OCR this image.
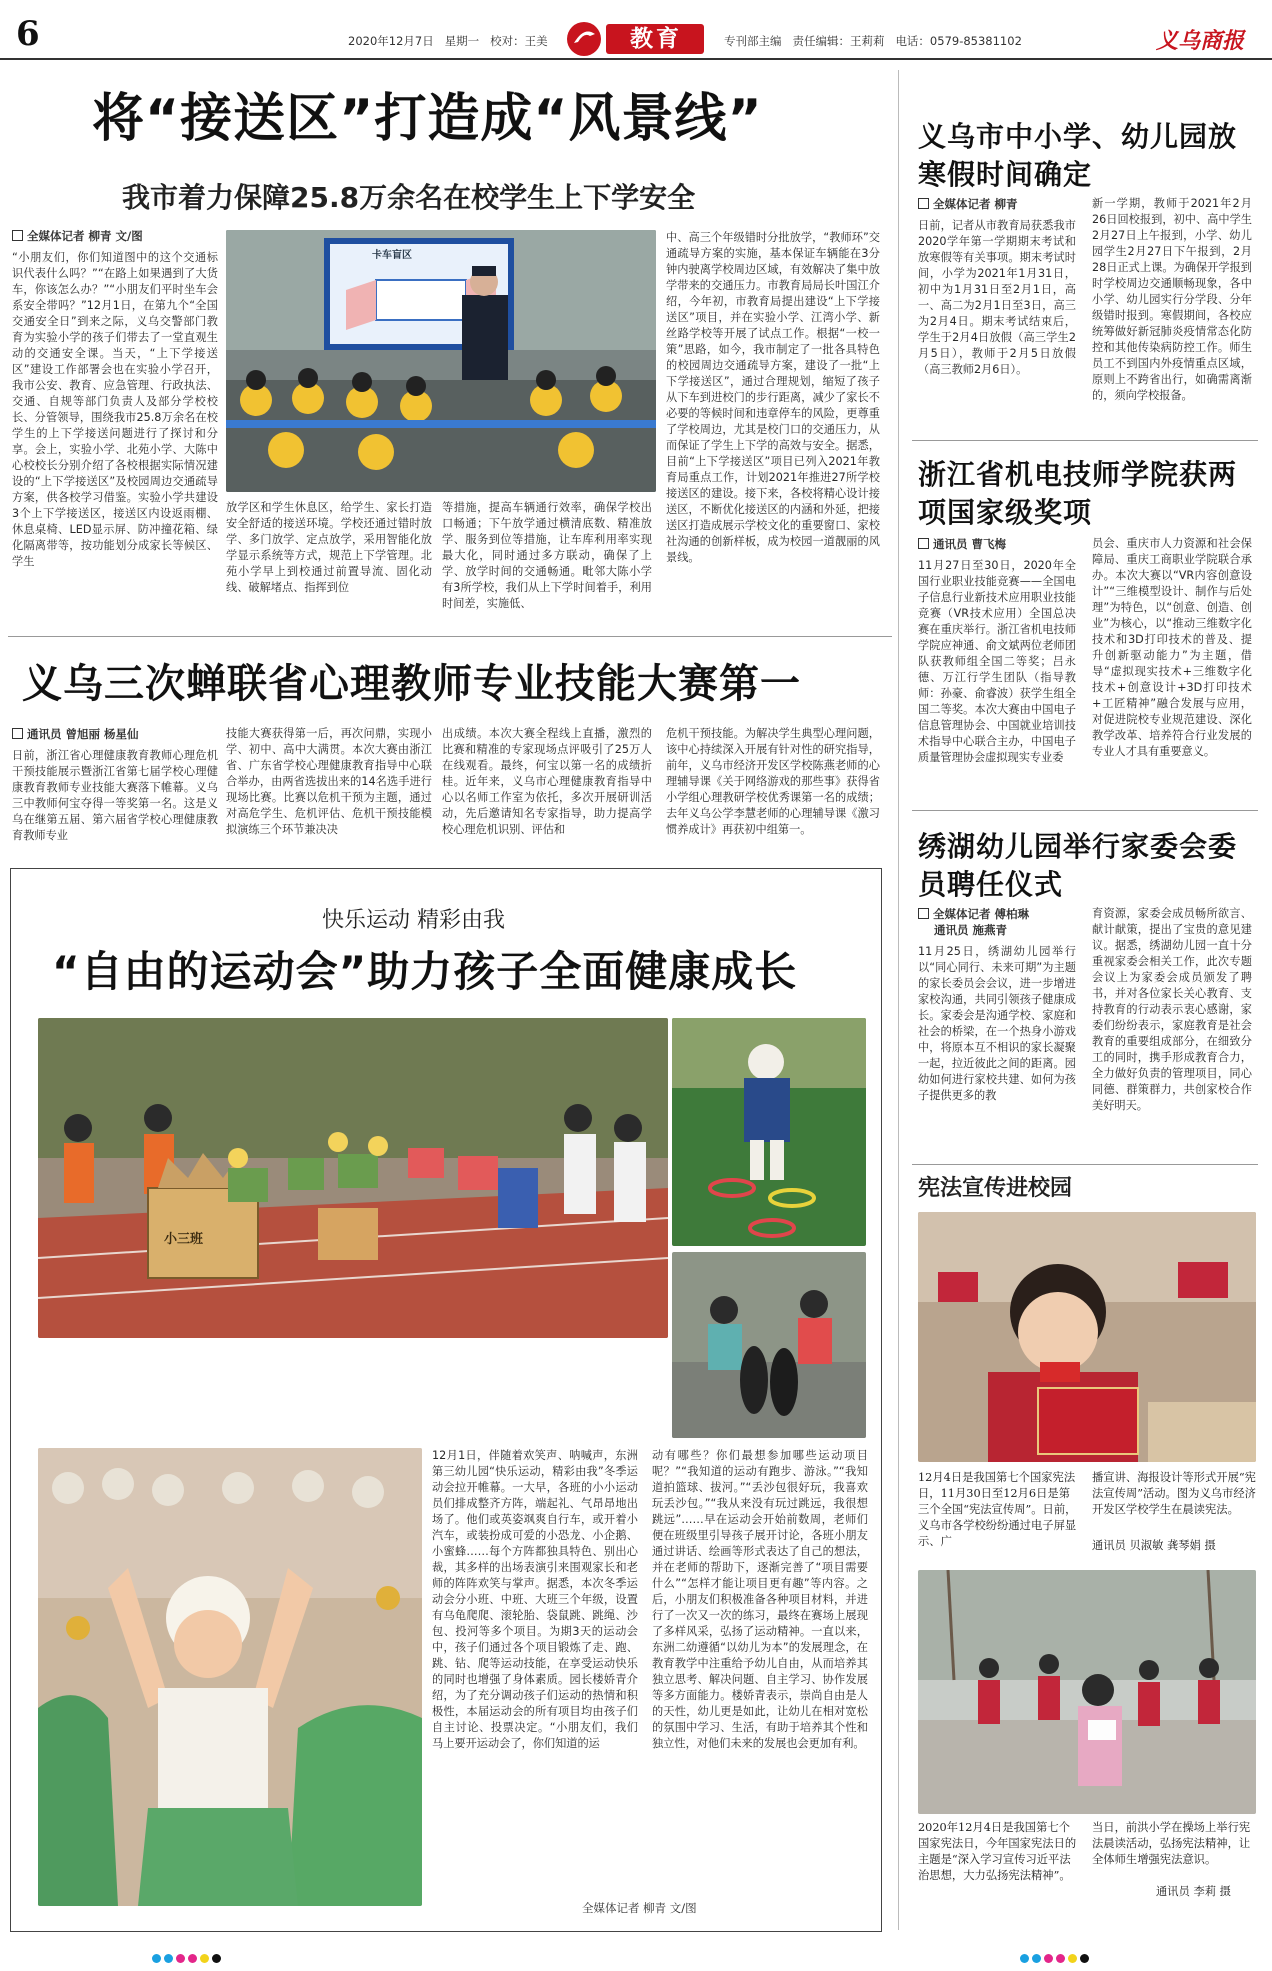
6	2020年12月7日 星期一 校对：王美	教育	专刊部主编 责任编辑：王莉莉 电话：0579-85381102	义乌商报
将“接送区”打造成“风景线”
我市着力保障25.8万余名在校学生上下学安全
全媒体记者 柳青 文/图
“小朋友们，你们知道图中的这个交通标识代表什么吗？”“在路上如果遇到了大货车，你该怎么办？”“小朋友们平时坐车会系安全带吗？”12月1日，在第九个“全国交通安全日”到来之际，义乌交警部门教育为实验小学的孩子们带去了一堂直观生动的交通安全课。当天，“上下学接送区”建设工作部署会也在实验小学召开，我市公安、教育、应急管理、行政执法、交通、自规等部门负责人及部分学校校长、分管领导，围绕我市25.8万余名在校学生的上下学接送问题进行了探讨和分享。会上，实验小学、北苑小学、大陈中心校校长分别介绍了各校根据实际情况建设的“上下学接送区”及校园周边交通疏导方案，供各校学习借鉴。实验小学共建设3个上下学接送区，接送区内设返雨棚、休息桌椅、LED显示屏、防冲撞花箱、绿化隔离带等，按功能划分成家长等候区、学生
卡车盲区
放学区和学生休息区，给学生、家长打造安全舒适的接送环境。学校还通过错时放学、多门放学、定点放学，采用智能化放学显示系统等方式，规范上下学管理。北苑小学早上到校通过前置导流、固化动线、破解堵点、指挥到位
等措施，提高车辆通行效率，确保学校出口畅通；下午放学通过横清底数、精准放学、服务到位等措施，让车库利用率实现最大化，同时通过多方联动，确保了上学、放学时间的交通畅通。毗邻大陈小学有3所学校，我们从上下学时间着手，利用时间差，实施低、
中、高三个年级错时分批放学，“教师环”交通疏导方案的实施，基本保证车辆能在3分钟内驶离学校周边区域，有效解决了集中放学带来的交通压力。市教育局局长叶国江介绍，今年初，市教育局提出建设“上下学接送区”项目，并在实验小学、江湾小学、新丝路学校等开展了试点工作。根据“一校一策”思路，如今，我市制定了一批各具特色的校园周边交通疏导方案，建设了一批“上下学接送区”，通过合理规划，缩短了孩子从下车到进校门的步行距离，减少了家长不必要的等候时间和违章停车的风险，更尊重了学校周边，尤其是校门口的交通压力，从而保证了学生上下学的高效与安全。据悉，目前“上下学接送区”项目已列入2021年教育局重点工作，计划2021年推进27所学校接送区的建设。接下来，各校将精心设计接送区，不断优化接送区的内涵和外延，把接送区打造成展示学校文化的重要窗口、家校社沟通的创新样板，成为校园一道靓丽的风景线。
义乌市中小学、幼儿园放寒假时间确定
全媒体记者 柳青
日前，记者从市教育局获悉我市2020学年第一学期期末考试和放寒假等有关事项。期末考试时间，小学为2021年1月31日，初中为1月31日至2月1日，高一、高二为2月1日至3日，高三为2月4日。期末考试结束后，学生于2月4日放假（高三学生2月5日），教师于2月5日放假（高三教师2月6日）。
新一学期，教师于2021年2月26日回校报到，初中、高中学生2月27日上午报到，小学、幼儿园学生2月27日下午报到，2月28日正式上课。为确保开学报到时学校周边交通顺畅现象，各中小学、幼儿园实行分学段、分年级错时报到。寒假期间，各校应统筹做好新冠肺炎疫情常态化防控和其他传染病防控工作。师生员工不到国内外疫情重点区域，原则上不跨省出行，如确需离渐的，须向学校报备。
浙江省机电技师学院获两项国家级奖项
通讯员 曹飞梅
11月27日至30日，2020年全国行业职业技能竞赛——全国电子信息行业新技术应用职业技能竞赛（VR技术应用）全国总决赛在重庆举行。浙江省机电技师学院应神通、俞文斌两位老师团队获教师组全国二等奖；吕永德、万江行学生团队（指导教师：孙豪、俞睿波）获学生组全国二等奖。本次大赛由中国电子信息管理协会、中国就业培训技术指导中心联合主办，中国电子质量管理协会虚拟现实专业委
员会、重庆市人力资源和社会保障局、重庆工商职业学院联合承办。本次大赛以“VR内容创意设计”“三维模型设计、制作与后处理”为特色，以“创意、创造、创业”为核心，以“推动三维数字化技术和3D打印技术的普及、提升创新驱动能力”为主题，借导“虚拟现实技术+三维数字化技术+创意设计+3D打印技术+工匠精神”融合发展与应用，对促进院校专业规范建设、深化教学改革、培养符合行业发展的专业人才具有重要意义。
义乌三次蝉联省心理教师专业技能大赛第一
通讯员 曾旭丽 杨星仙
日前，浙江省心理健康教育教师心理危机干预技能展示暨浙江省第七届学校心理健康教育教师专业技能大赛落下帷幕。义乌三中教师何宝夺得一等奖第一名。这是义乌在继第五届、第六届省学校心理健康教育教师专业
技能大赛获得第一后，再次问鼎，实现小学、初中、高中大满贯。本次大赛由浙江省、广东省学校心理健康教育指导中心联合举办，由两省选拔出来的14名选手进行现场比赛。比赛以危机干预为主题，通过对高危学生、危机评估、危机干预技能模拟演练三个环节兼决决
出成绩。本次大赛全程线上直播，激烈的比赛和精准的专家现场点评吸引了25万人在线观看。最终，何宝以第一名的成绩折桂。近年来，义乌市心理健康教育指导中心以名师工作室为依托，多次开展研训活动，先后邀请知名专家指导，助力提高学校心理危机识别、评估和
危机干预技能。为解决学生典型心理问题，该中心持续深入开展有针对性的研究指导，前年，义乌市经济开发区学校陈燕老师的心理辅导课《关于网络游戏的那些事》获得省小学组心理教研学校优秀课第一名的成绩；去年义乌公学李慧老师的心理辅导课《激习惯养成计》再获初中组第一。
快乐运动 精彩由我
“自由的运动会”助力孩子全面健康成长
小三班
12月1日，伴随着欢笑声、呐喊声，东洲第三幼儿园“快乐运动，精彩由我”冬季运动会拉开帷幕。一大早，各班的小小运动员们排成整齐方阵，端起礼、气昂昂地出场了。他们或英姿飒爽自行车，或开着小汽车，或装扮成可爱的小恐龙、小企鹅、小蜜蜂……每个方阵都独具特色、别出心裁，其多样的出场表演引来围观家长和老师的阵阵欢笑与掌声。据悉，本次冬季运动会分小班、中班、大班三个年级，设置有乌龟爬爬、滚轮胎、袋鼠跳、跳绳、沙包、投河等多个项目。为期3天的运动会中，孩子们通过各个项目锻炼了走、跑、跳、钻、爬等运动技能，在享受运动快乐的同时也增强了身体素质。园长楼娇青介绍，为了充分调动孩子们运动的热情和积极性，本届运动会的所有项目均由孩子们自主讨论、投票决定。“小朋友们，我们马上要开运动会了，你们知道的运
动有哪些？你们最想参加哪些运动项目呢？”“我知道的运动有跑步、游泳。”“我知道拍篮球、拔河。”“丢沙包很好玩，我喜欢玩丢沙包。”“我从来没有玩过跳远，我很想跳远”……早在运动会开始前数周，老师们便在班级里引导孩子展开讨论，各班小朋友通过讲话、绘画等形式表达了自己的想法，并在老师的帮助下，逐渐完善了“项目需要什么”“怎样才能让项目更有趣”等内容。之后，小朋友们积极准备各种项目材料，并进行了一次又一次的练习，最终在赛场上展现了多样风采，弘扬了运动精神。一直以来，东洲二幼遵循“以幼儿为本”的发展理念，在教育教学中注重给予幼儿自由，从而培养其独立思考、解决问题、自主学习、协作发展等多方面能力。楼娇青表示，崇尚自由是人的天性，幼儿更是如此，让幼儿在相对宽松的氛围中学习、生活，有助于培养其个性和独立性，对他们未来的发展也会更加有利。
全媒体记者 柳青 文/图
绣湖幼儿园举行家委会委员聘任仪式
全媒体记者 傅柏琳
通讯员 施燕青
11月25日，绣湖幼儿园举行以“同心同行、未来可期”为主题的家长委员会会议，进一步增进家校沟通，共同引领孩子健康成长。家委会是沟通学校、家庭和社会的桥梁，在一个热身小游戏中，将原本互不相识的家长凝聚一起，拉近彼此之间的距离。园幼如何进行家校共建、如何为孩子提供更多的教
育资源，家委会成员畅所欲言、献计献策，提出了宝贵的意见建议。据悉，绣湖幼儿园一直十分重视家委会相关工作，此次专题会议上为家委会成员颁发了聘书，并对各位家长关心教育、支持教育的行动表示衷心感谢，家委们纷纷表示，家庭教育是社会教育的重要组成部分，在细致分工的同时，携手形成教育合力，全力做好负责的管理项目，同心同德、群策群力，共创家校合作美好明天。
宪法宣传进校园
12月4日是我国第七个国家宪法日，11月30日至12月6日是第三个全国“宪法宣传周”。日前，义乌市各学校纷纷通过电子屏显示、广
播宣讲、海报设计等形式开展“宪法宣传周”活动。图为义乌市经济开发区学校学生在晨读宪法。
通讯员 贝淑敏 龚琴娟 摄
2020年12月4日是我国第七个国家宪法日，今年国家宪法日的主题是“深入学习宣传习近平法治思想，大力弘扬宪法精神”。
当日，前洪小学在操场上举行宪法晨读活动，弘扬宪法精神，让全体师生增强宪法意识。
通讯员 李莉 摄
